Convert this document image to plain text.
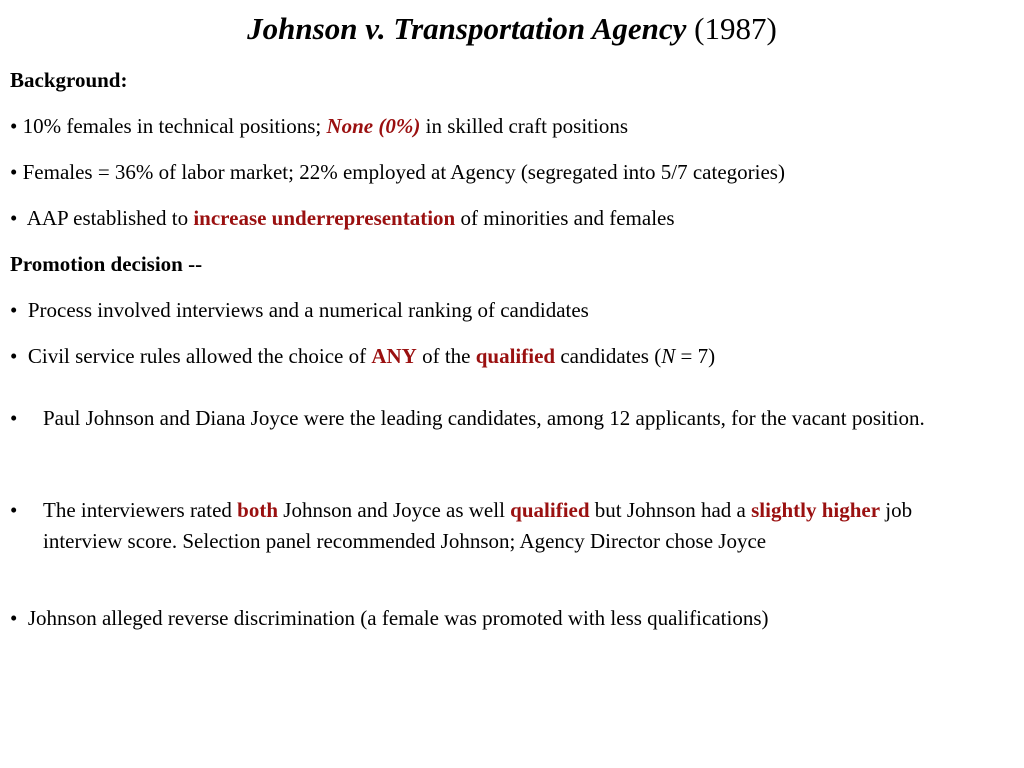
Johnson v. Transportation Agency (1987)
Background:
• 10% females in technical positions; None (0%) in skilled craft positions
• Females = 36% of labor market; 22% employed at Agency (segregated into 5/7 categories)
• AAP established to increase underrepresentation of minorities and females
Promotion decision --
• Process involved interviews and a numerical ranking of candidates
• Civil service rules allowed the choice of ANY of the qualified candidates (N = 7)
• Paul Johnson and Diana Joyce were the leading candidates, among 12 applicants, for the vacant position.
• The interviewers rated both Johnson and Joyce as well qualified but Johnson had a slightly higher job interview score. Selection panel recommended Johnson; Agency Director chose Joyce
• Johnson alleged reverse discrimination (a female was promoted with less qualifications)
